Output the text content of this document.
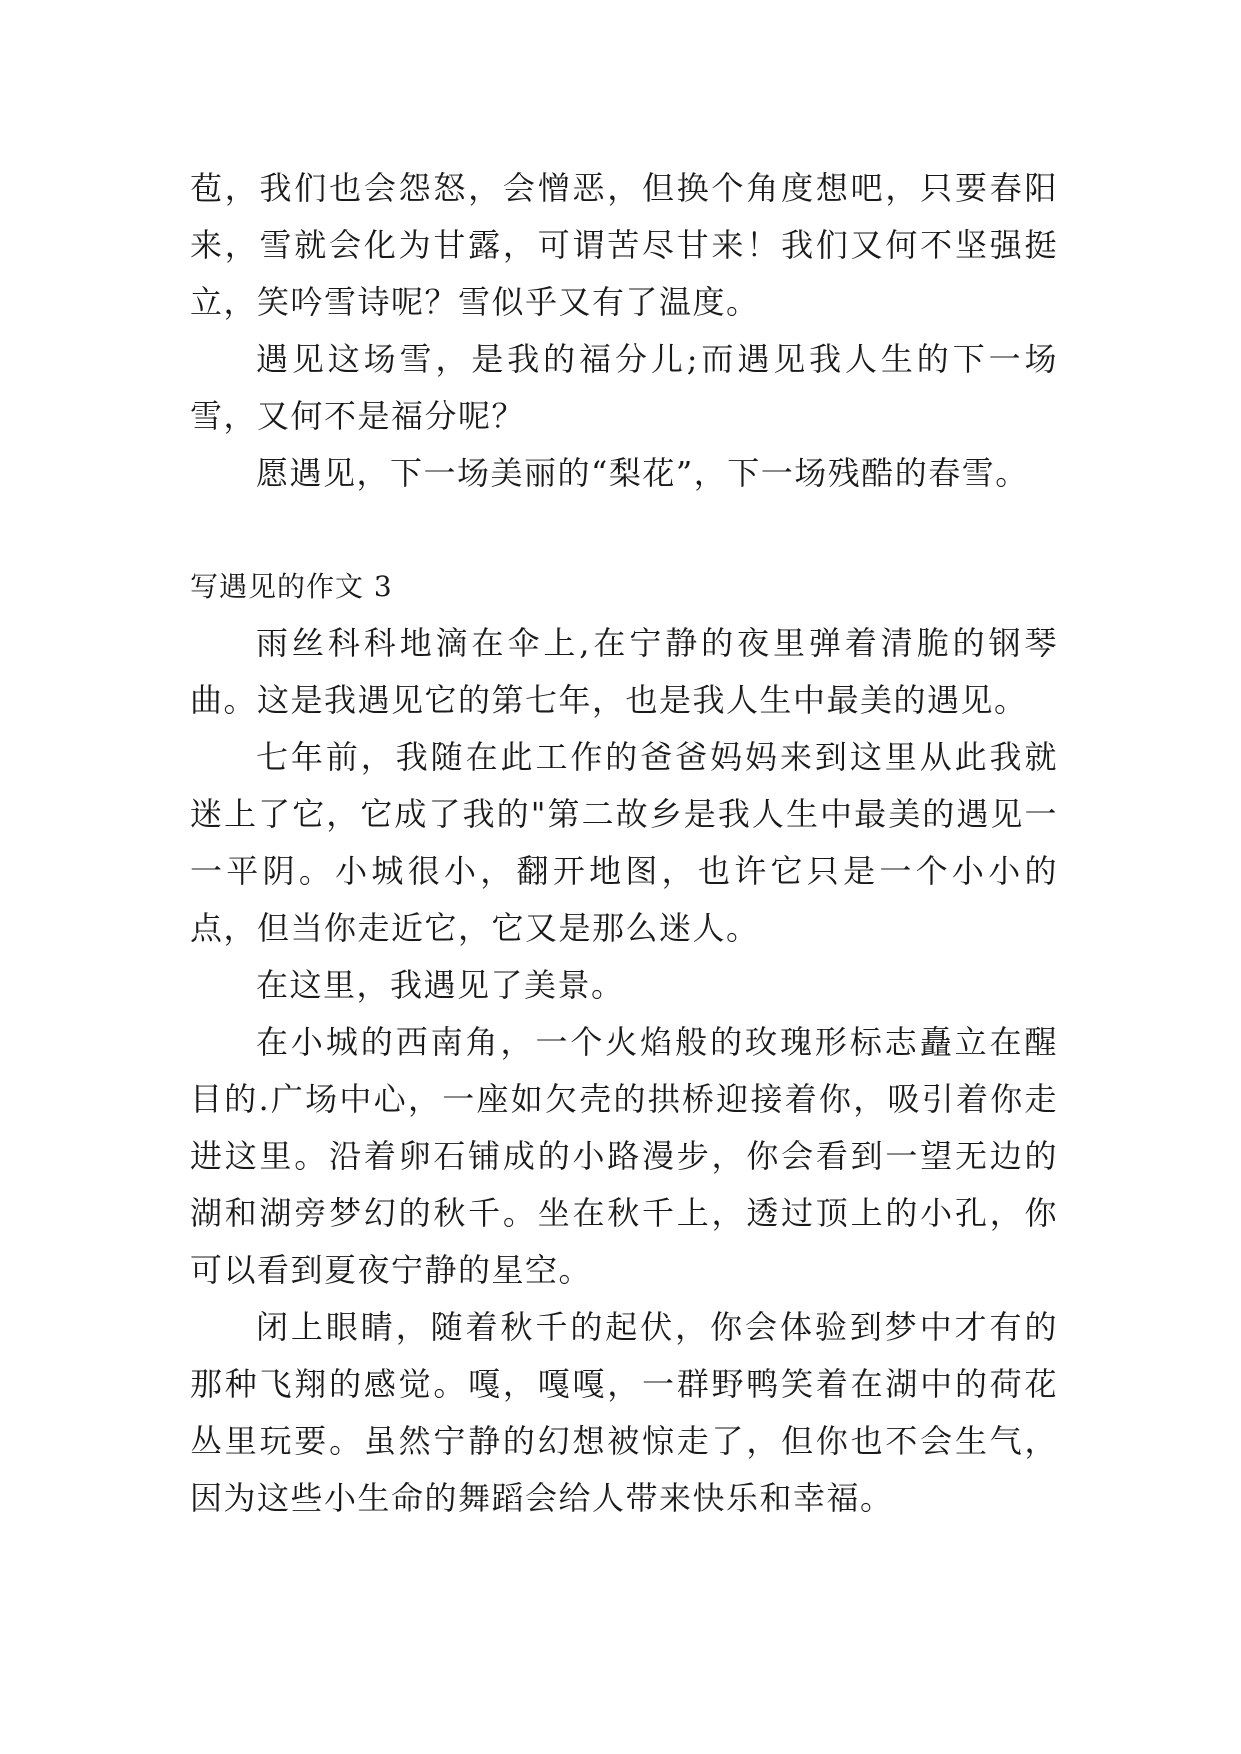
苞，我们也会怨怒，会憎恶，但换个角度想吧，只要春阳来，雪就会化为甘露，可谓苦尽甘来！我们又何不坚强挺立，笑吟雪诗呢？雪似乎又有了温度。

遇见这场雪，是我的福分儿;而遇见我人生的下一场雪，又何不是福分呢？

愿遇见，下一场美丽的“梨花”，下一场残酷的春雪。

写遇见的作文 3

雨丝科科地滴在伞上,在宁静的夜里弹着清脆的钢琴曲。这是我遇见它的第七年，也是我人生中最美的遇见。

七年前，我随在此工作的爸爸妈妈来到这里从此我就迷上了它，它成了我的"第二故乡是我人生中最美的遇见一一平阴。小城很小，翻开地图，也许它只是一个小小的点，但当你走近它，它又是那么迷人。

在这里，我遇见了美景。

在小城的西南角，一个火焰般的玫瑰形标志矗立在醒目的.广场中心，一座如欠壳的拱桥迎接着你，吸引着你走进这里。沿着卵石铺成的小路漫步，你会看到一望无边的湖和湖旁梦幻的秋千。坐在秋千上，透过顶上的小孔，你可以看到夏夜宁静的星空。

闭上眼睛，随着秋千的起伏，你会体验到梦中才有的那种飞翔的感觉。嘎，嘎嘎，一群野鸭笑着在湖中的荷花丛里玩要。虽然宁静的幻想被惊走了，但你也不会生气，因为这些小生命的舞蹈会给人带来快乐和幸福。
